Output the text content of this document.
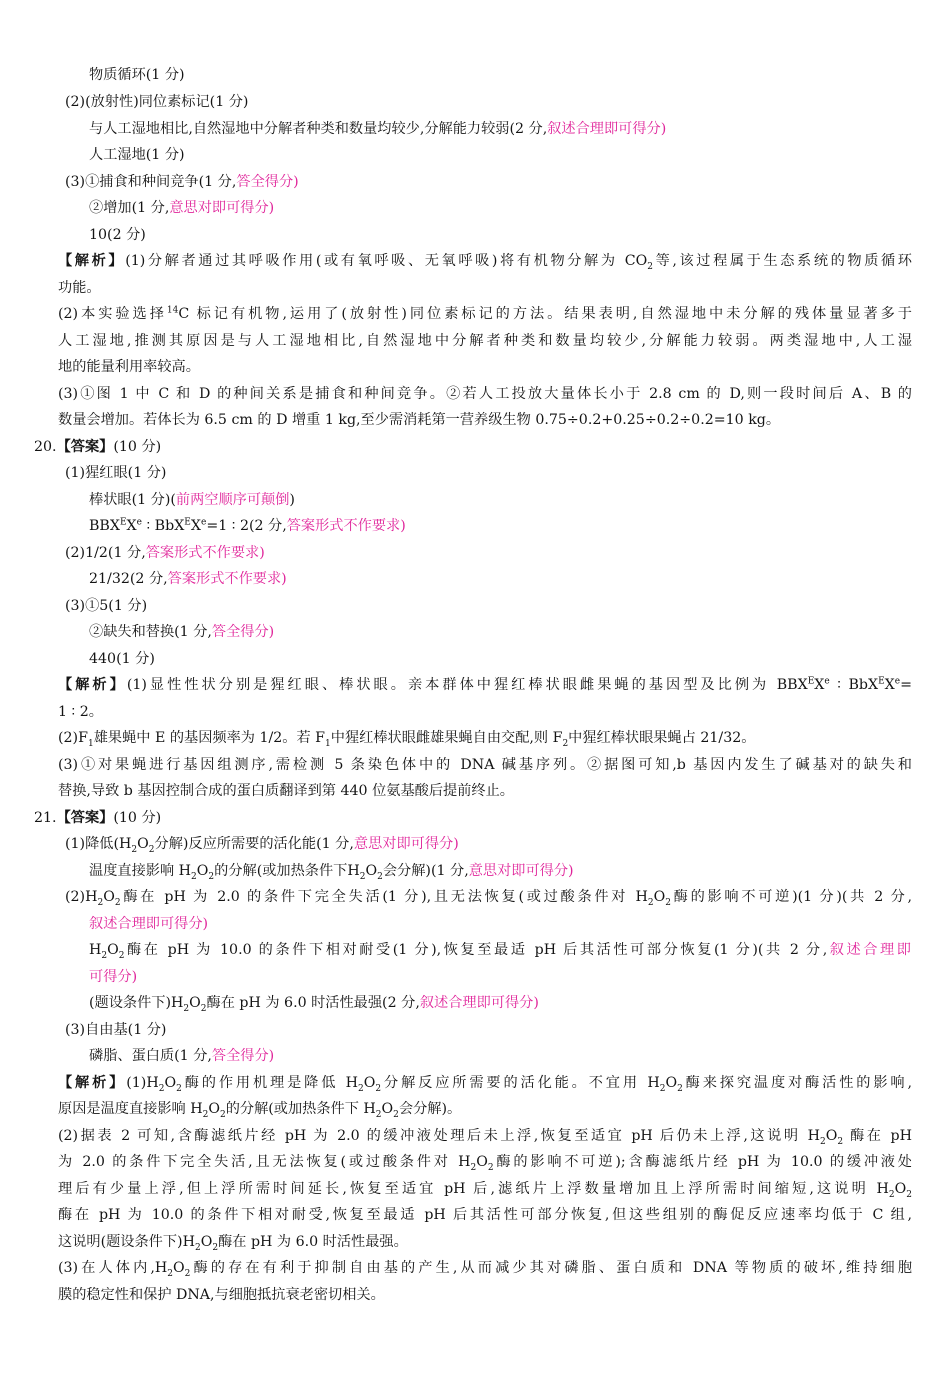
物质循环(1 分)
(2)(放射性)同位素标记(1 分)
与人工湿地相比,自然湿地中分解者种类和数量均较少,分解能力较弱(2 分,叙述合理即可得分)
人工湿地(1 分)
(3)①捕食和种间竞争(1 分,答全得分)
②增加(1 分,意思对即可得分)
10(2 分)
【解析】(1)分解者通过其呼吸作用(或有氧呼吸、无氧呼吸)将有机物分解为 $CO_2$等,该过程属于生态系统的物质循环
功能。
(2)本实验选择$^{14}$C 标记有机物,运用了(放射性)同位素标记的方法。结果表明,自然湿地中未分解的残体量显著多于
人工湿地,推测其原因是与人工湿地相比,自然湿地中分解者种类和数量均较少,分解能力较弱。两类湿地中,人工湿
地的能量利用率较高。
(3)①图 1 中 C 和 D 的种间关系是捕食和种间竞争。②若人工投放大量体长小于 2.8 cm 的 D,则一段时间后 A、B 的
数量会增加。若体长为 6.5 cm 的 D 增重 1 kg,至少需消耗第一营养级生物 0.75÷0.2+0.25÷0.2÷0.2=10 kg。
20.【答案】(10 分)
(1)猩红眼(1 分)
棒状眼(1 分)(前两空顺序可颠倒)
$BBX^EXe$ ∶ $BbX^EX^e=1$ ∶ 2(2 分,答案形式不作要求)
(2)1/2(1 分,答案形式不作要求)
21/32(2 分,答案形式不作要求)
(3)①5(1 分)
②缺失和替换(1 分,答全得分)
440(1 分)
【解析】(1)显性性状分别是猩红眼、棒状眼。亲本群体中猩红棒状眼雌果蝇的基因型及比例为 $BBX^EXe$ ∶ $BbX^EX^e=$
1 ∶ 2。
$(2)F_1$雄果蝇中 E 的基因频率为 1/2。若 $F_1$中猩红棒状眼雌雄果蝇自由交配,则 $F_2$中猩红棒状眼果蝇占 21/32。
(3)①对果蝇进行基因组测序,需检测 5 条染色体中的 DNA 碱基序列。②据图可知,b 基因内发生了碱基对的缺失和
替换,导致 b 基因控制合成的蛋白质翻译到第 440 位氨基酸后提前终止。
21.【答案】(10 分)
(1)降低($H_2O_2$分解)反应所需要的活化能(1 分,意思对即可得分)
温度直接影响 $H_2O_2$的分解(或加热条件下$H_2O_2$会分解)(1 分,意思对即可得分)
$(2)H_2O_2$酶在 pH 为 2.0 的条件下完全失活(1 分),且无法恢复(或过酸条件对 $H_2O_2$酶的影响不可逆)(1 分)(共 2 分,
叙述合理即可得分)
$H_2O_2$酶在 pH 为 10.0 的条件下相对耐受(1 分),恢复至最适 pH 后其活性可部分恢复(1 分)(共 2 分,叙述合理即
可得分)
(题设条件下)$H_2O_2$酶在 pH 为 6.0 时活性最强(2 分,叙述合理即可得分)
(3)自由基(1 分)
磷脂、蛋白质(1 分,答全得分)
【解析】$(1)H_2O_2$酶的作用机理是降低 $H_2O_2$分解反应所需要的活化能。不宜用 $H_2O_2$酶来探究温度对酶活性的影响,
原因是温度直接影响 $H_2O_2$的分解(或加热条件下 $H_2O_2$会分解)。
(2)据表 2 可知,含酶滤纸片经 pH 为 2.0 的缓冲液处理后未上浮,恢复至适宜 pH 后仍未上浮,这说明 $H_2O_2$ 酶在 pH
为 2.0 的条件下完全失活,且无法恢复(或过酸条件对 $H_2O_2$酶的影响不可逆);含酶滤纸片经 pH 为 10.0 的缓冲液处
理后有少量上浮,但上浮所需时间延长,恢复至适宜 pH 后,滤纸片上浮数量增加且上浮所需时间缩短,这说明 $H_2O_2$
酶在 pH 为 10.0 的条件下相对耐受,恢复至最适 pH 后其活性可部分恢复,但这些组别的酶促反应速率均低于 C 组,
这说明(题设条件下)$H_2O_2$酶在 pH 为 6.0 时活性最强。
(3)在人体内$,H_2O_2$酶的存在有利于抑制自由基的产生,从而减少其对磷脂、蛋白质和 DNA 等物质的破坏,维持细胞
膜的稳定性和保护 DNA,与细胞抵抗衰老密切相关。
